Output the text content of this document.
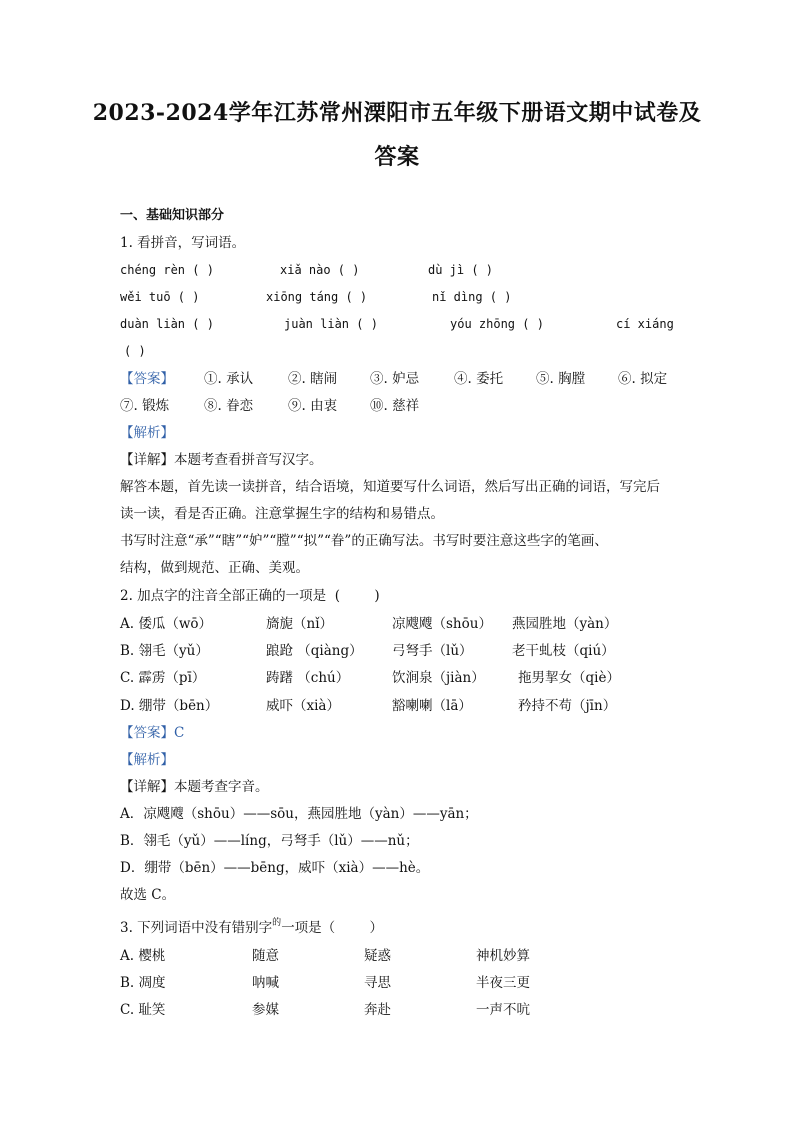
2023-2024学年江苏常州溧阳市五年级下册语文期中试卷及
答案
一、基础知识部分
1. 看拼音，写词语。
chéng rèn ( )	xiǎ nào ( )	dù jì ( )
wěi tuō ( )	xiōng táng ( )	nǐ dìng ( )
duàn liàn ( )	juàn liàn ( )	yóu zhōng ( )	cí xiáng
( )
【答案】 ①. 承认	②. 瞎闹 ③. 妒忌	④. 委托 ⑤. 胸膛 ⑥. 拟定
⑦. 锻炼	⑧. 眷恋	⑨. 由衷 ⑩. 慈祥
【解析】
【详解】本题考查看拼音写汉字。
解答本题，首先读一读拼音，结合语境，知道要写什么词语，然后写出正确的词语，写完后
读一读，看是否正确。注意掌握生字的结构和易错点。
书写时注意“承”“瞎”“妒”“膛”“拟”“眷”的正确写法。书写时要注意这些字的笔画、
结构，做到规范、正确、美观。
2. 加点字的注音全部正确的一项是  (        )
A. 倭瓜（wō）	旖旎（nǐ）	凉飕飕（shōu） 燕园胜地（yàn）
B. 翎毛（yǔ）	踉跄 （qiàng） 弓弩手（lǔ）	老干虬枝（qiú）
C. 霹雳（pī）	踌躇 （chú）	饮涧泉（jiàn） 拖男挈女（qiè）
D. 绷带（bēn）	威吓（xià）	豁喇喇（lā）	矜持不苟（jīn）
【答案】C
【解析】
【详解】本题考查字音。
A．凉飕飕（shōu）——sōu，燕园胜地（yàn）——yān；
B．翎毛（yǔ）——líng，弓弩手（lǔ）——nǔ；
D．绷带（bēn）——bēng，威吓（xià）——hè。
故选 C。
3. 下列词语中没有错别字$^的$一项是（        ）
A. 樱桃	随意	疑惑	神机妙算
B. 凋度	呐喊	寻思	半夜三更
C. 耻笑	参媒	奔赴	一声不吭
